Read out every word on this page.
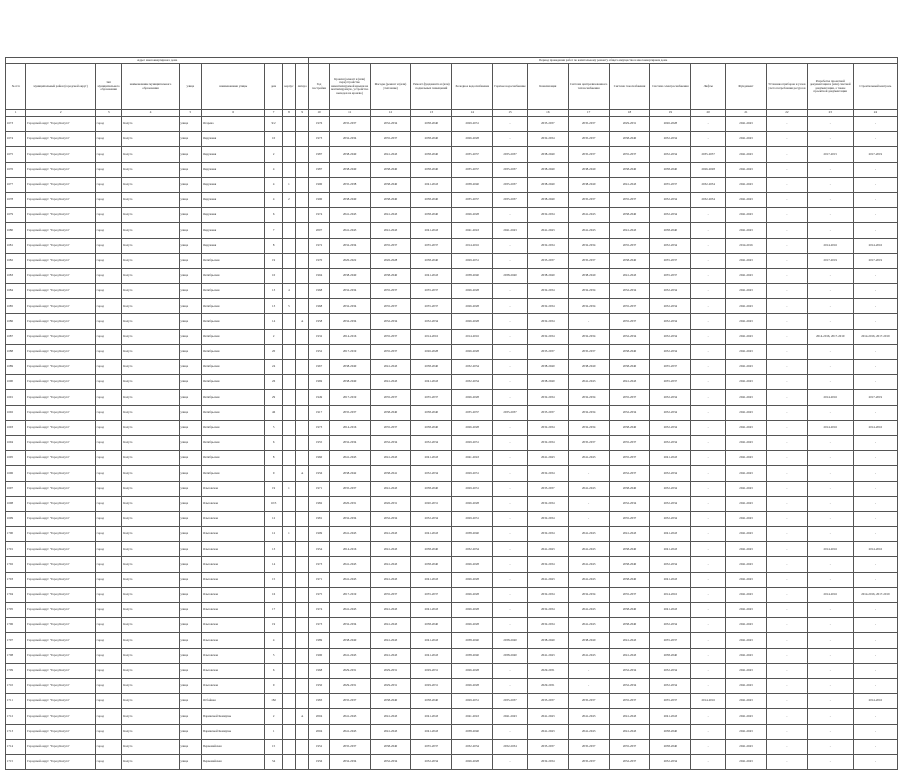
Адрес многоквартирного дома									Период проведения работ по капитальному ремонту общего имущества в многоквартирном доме														
№ п/п	муниципальный район (городской округ)	тип муниципального образования	наименование муниципального образования	улица	наименование улицы	дом	корпус	литера	Год постройки	Кровля (ремонт и (или) переустройство невентилируемой крыши на вентилируемую, устройство выходов на кровлю)	Фасады (ремонт и (или) утепление)	Ремонт фундамента и (или) подвальных помещений	Холодное водоснабжение	Горячее водоснабжение	Канализация	Система централизованного теплоснабжения	Система газоснабжения	Система электроснабжения	Лифты	Фундамент	Установка приборов и узлов учета потребления ресурсов	Разработка проектной документации и (или) сметной документации, а также проектной документации	Строительный контроль
1	2	3	4	5	6	7	8	9	10	11	12	13	14	15	16	17	18	19	20	21	22	23	24
1673	Городской округ "Город Калуга"	город	Калуга	улица	Огарева	9/2			1976	2035-2037	2032-2034	2038-2040	2029-2031	-	2035-2037	2035-2037	2029-2031	2026-2028	-	2041-2043	-	-	-
1674	Городской округ "Город Калуга"	город	Калуга	улица	Окружная	10			1973	2032-2034	2035-2037	2038-2040	2026-2028	-	2032-2034	2035-2037	2038-2040	2032-2034	-	2041-2043	-	-	-
1675	Городской округ "Город Калуга"	город	Калуга	улица	Окружная	2			1987	2038-2040	2041-2043	2038-2040	2035-2037	2035-2037	2038-2040	2035-2037	2035-2037	2032-2034	2035-2037	2041-2043	-	2017-2015	2017-2019
1676	Городской округ "Город Калуга"	город	Калуга	улица	Окружная	4			1987	2038-2040	2038-2040	2038-2040	2035-2037	2035-2037	2038-2040	2038-2040	2038-2040	2038-2040	2026-2028	2041-2043	-	-	-
1677	Городской округ "Город Калуга"	город	Калуга	улица	Окружная	4	1		1990	2035-2038	2038-2040	2041-2043	2038-2040	2035-2037	2038-2040	2038-2040	2041-2043	2035-2037	2032-2034	2041-2043	-	-	-
1678	Городской округ "Город Калуга"	город	Калуга	улица	Окружная	4	2		1990	2038-2040	2038-2040	2038-2040	2035-2037	2035-2037	2038-2040	2035-2037	2035-2037	2032-2034	2032-2034	2041-2043	-	-	-
1679	Городской округ "Город Калуга"	город	Калуга	улица	Окружная	6			1974	2041-2043	2041-2043	2038-2040	2026-2028	-	2032-2034	2041-2043	2038-2040	2032-2034	-	2041-2043	-	-	-
1680	Городской округ "Город Калуга"	город	Калуга	улица	Окружная	7			2007	2041-2043	2041-2043	2041-2043	2041-2043	2041-2043	2041-2043	2041-2043	2041-2043	2038-2040	-	2041-2043	-	-	-
1681	Городской округ "Город Калуга"	город	Калуга	улица	Окружная	8			1972	2032-2034	2035-2037	2035-2037	2014-2016	-	2032-2034	2032-2034	2035-2037	2032-2034	-	2014-2016	-	2014-2016	2014-2016
1682	Городской округ "Город Калуга"	город	Калуга	улица	Октябрьская	19			1970	2020-2022	2026-2028	2038-2040	2029-2031	-	2035-2037	2035-2037	2038-2040	2035-2037	-	2041-2043	-	2017-2019	2017-2019
1683	Городской округ "Город Калуга"	город	Калуга	улица	Октябрьская	10			1994	2038-2040	2038-2040	2041-2043	2038-2040	2038-2040	2038-2040	2038-2040	2041-2043	2035-2037	-	2041-2043	-	-	-
1684	Городской округ "Город Калуга"	город	Калуга	улица	Октябрьская	13	4		1968	2032-2034	2035-2037	2035-2037	2026-2028	-	2032-2034	2032-2034	2032-2034	2032-2034	-	2041-2043	-	-	-
1685	Городской округ "Город Калуга"	город	Калуга	улица	Октябрьская	13	5		1968	2032-2034	2035-2037	2035-2037	2026-2028	-	2032-2034	2032-2034	2035-2037	2032-2034	-	2041-2043	-	-	-
1686	Городской округ "Город Калуга"	город	Калуга	улица	Октябрьская	14		А	1958	2032-2034	2032-2034	2032-2034	2026-2028	-	2032-2034	-	2035-2037	2032-2034	-	2041-2043	-	-	-
1687	Городской округ "Город Калуга"	город	Калуга	улица	Октябрьская	2			1932	2014-2016	2035-2037	2014-2016	2014-2016	-	2032-2034	2032-2034	2032-2034	2032-2034	-	2041-2043	-	2014-2016, 2017-2019	2014-2016, 2017-2019
1688	Городской округ "Город Калуга"	город	Калуга	улица	Октябрьская	20			1952	2017-2019	2035-2037	2026-2028	2026-2028	-	2035-2037	2035-2037	2038-2040	2032-2034	-	2041-2043	-	-	-
1689	Городской округ "Город Калуга"	город	Калуга	улица	Октябрьская	24			1967	2038-2040	2041-2043	2038-2040	2032-2034	-	2038-2040	2038-2040	2038-2040	2035-2037	-	2041-2043	-	-	-
1690	Городской округ "Город Калуга"	город	Калуга	улица	Октябрьская	26			1969	2038-2040	2041-2043	2041-2043	2032-2034	-	2038-2040	2041-2043	2041-2043	2035-2037	-	2041-2043	-	-	-
1691	Городской округ "Город Калуга"	город	Калуга	улица	Октябрьская	29			1949	2017-2019	2035-2037	2035-2037	2026-2028	-	2032-2034	2032-2034	2035-2037	2032-2034	-	2041-2043	-	2014-2016	2017-2019
1692	Городской округ "Город Калуга"	город	Калуга	улица	Октябрьская	46			1917	2035-2037	2038-2040	2038-2040	2035-2037	2035-2037	2035-2037	2032-2034	2032-2034	2032-2034	-	2041-2043	-	-	-
1693	Городской округ "Город Калуга"	город	Калуга	улица	Октябрьская	5			1973	2014-2016	2035-2037	2038-2040	2026-2028	-	2032-2034	2032-2034	2038-2040	2032-2034	-	2041-2043	-	2014-2016	2014-2016
1694	Городской округ "Город Калуга"	город	Калуга	улица	Октябрьская	6			1955	2032-2034	2032-2034	2032-2034	2029-2031	-	2032-2034	2035-2037	2035-2037	2032-2034	-	2041-2043	-	-	-
1695	Городской округ "Город Калуга"	город	Калуга	улица	Октябрьская	8			1960	2041-2043	2041-2043	2041-2043	2041-2043	-	2041-2043	2041-2043	2035-2037	2041-2043	-	2041-2043	-	-	-
1696	Городской округ "Город Калуга"	город	Калуга	улица	Октябрьская	9		А	1956	2038-2042	2038-2041	2032-2034	2029-2031	-	2032-2034	-	2032-2037	2032-2034	-	2041-2043	-	-	-
1697	Городской округ "Город Калуга"	город	Калуга	улица	Ольговская	19	1		1971	2035-2037	2041-2043	2038-2040	2029-2031	-	2035-2037	2041-2043	2038-2040	2032-2034	-	2041-2043	-	-	-
1698	Городской округ "Город Калуга"	город	Калуга	улица	Ольговская	10/3			1982	2020-2031	2026-2031	2020-2031	2026-2028	-	2032-2034	-	2032-2034	2032-2034	-	2041-2043	-	-	-
1699	Городской округ "Город Калуга"	город	Калуга	улица	Ольговская	12			1981	2032-2034	2032-2034	2032-2034	2029-2031	-	2032-2034	-	2035-2037	2032-2034	-	2041-2043	-	-	-
1700	Городской округ "Город Калуга"	город	Калуга	улица	Ольговская	12	1		1999	2041-2043	2041-2043	2041-2043	2038-2040	-	2032-2034	2041-2043	2041-2043	2041-2043	-	2041-2043	-	-	-
1701	Городской округ "Город Калуга"	город	Калуга	улица	Ольговская	13			1954	2014-2016	2041-2043	2038-2040	2032-2034	-	2041-2043	2041-2043	2038-2040	2041-2043	-	2041-2043	-	2014-2016	2014-2016
1702	Городской округ "Город Калуга"	город	Калуга	улица	Ольговская	14			1973	2041-2043	2041-2043	2038-2040	2026-2028	-	2032-2034	2041-2043	2038-2040	2032-2034	-	2041-2043	-	-	-
1703	Городской округ "Город Калуга"	город	Калуга	улица	Ольговская	15			1971	2041-2043	2041-2043	2041-2043	2026-2028	-	2041-2043	2041-2043	2038-2040	2041-2043	-	2041-2043	-	-	-
1704	Городской округ "Город Калуга"	город	Калуга	улица	Ольговская	16			1975	2017-2019	2035-2037	2035-2037	2026-2028	-	2032-2034	2032-2034	2035-2037	2014-2016	-	2041-2043	-	2014-2016	2014-2016, 2017-2019
1705	Городской округ "Город Калуга"	город	Калуга	улица	Ольговская	17			1974	2041-2043	2041-2043	2041-2043	2026-2028	-	2032-2034	2041-2043	2038-2040	2041-2043	-	2041-2043	-	-	-
1706	Городской округ "Город Калуга"	город	Калуга	улица	Ольговская	19			1973	2032-2034	2041-2043	2038-2040	2026-2028	-	2032-2034	2041-2043	2038-2040	2032-2034	-	2041-2043	-	-	-
1707	Городской округ "Город Калуга"	город	Калуга	улица	Ольговская	4			1989	2038-2040	2041-2043	2041-2043	2038-2040	2038-2040	2038-2040	2038-2040	2041-2043	2035-2037	-	2041-2043	-	-	-
1708	Городской округ "Город Калуга"	город	Калуга	улица	Ольговская	5			1990	2041-2043	2041-2043	2041-2043	2038-2040	2038-2040	2041-2043	2041-2043	2041-2043	2038-2040	-	2041-2043	-	-	-
1709	Городской округ "Город Калуга"	город	Калуга	улица	Ольговская	6			1968	2029-2031	2029-2031	2029-2031	2026-2028	-	2029-2031	-	2032-2034	2032-2034	-	2041-2043	-	-	-
1710	Городской округ "Город Калуга"	город	Калуга	улица	Ольговская	9			1950	2029-2031	2029-2031	2029-2031	2026-2028	-	2029-2031	-	2032-2034	2032-2034	-	2041-2043	-	-	-
1711	Городской округ "Город Калуга"	город	Калуга	улица	Отбойная	182			1983	2035-2037	2038-2040	2038-2040	2029-2031	2035-2037	2035-2037	2035-2037	2035-2037	2035-2037	2014-2016	2041-2043	-	-	2014-2016
1712	Городской округ "Город Калуга"	город	Калуга	улица	Парижской Коммуны	2		А	2004	2041-2043	2041-2043	2041-2043	2041-2043	2041-2043	2041-2043	2041-2043	2041-2043	2041-2043	-	2041-2043	-	-	-
1713	Городской округ "Город Калуга"	город	Калуга	улица	Парижской Коммуны	1			2004	2041-2043	2041-2043	2041-2043	2038-2040	-	2041-2043	2041-2043	2041-2043	2038-2040	-	2041-2043	-	-	-
1714	Городской округ "Город Калуга"	город	Калуга	улица	Первомайская	15			1952	2035-2037	2038-2040	2035-2037	2032-2034	2032-2034	2035-2037	2035-2037	2035-2037	2038-2040	-	2041-2043	-	-	-
1715	Городской округ "Город Калуга"	город	Калуга	улица	Первомайская	54			1956	2032-2034	2032-2034	2032-2034	2026-2028	-	2032-2034	2035-2037	2032-2037	2032-2034	-	2041-2043	-	-	-
